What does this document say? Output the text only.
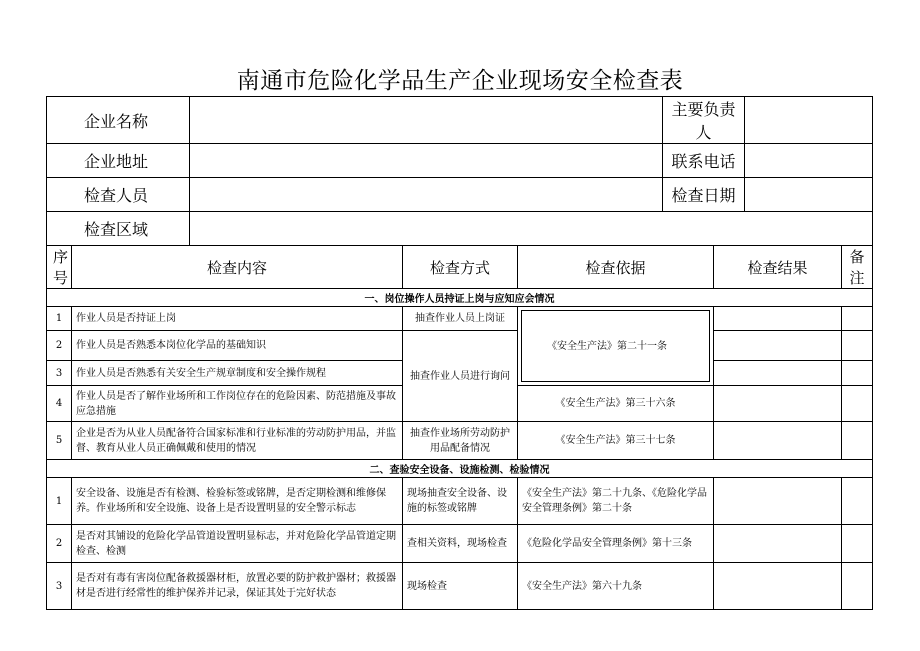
南通市危险化学品生产企业现场安全检查表
企业名称					主要负责人			
企业地址					联系电话			
检查人员					检查日期			
检查区域								
序号	检查内容		检查方式	检查依据		检查结果		备 注
一、岗位操作人员持证上岗与应知应会情况								
1	作业人员是否持证上岗		抽查作业人员上岗证	《安全生产法》第二十一条				

2	作业人员是否熟悉本岗位化学品的基础知识		抽查作业人员进行询问					
3	作业人员是否熟悉有关安全生产规章制度和安全操作规程							
4	作业人员是否了解作业场所和工作岗位存在的危险因素、防范措施及事故应急措施			《安全生产法》第三十六条				
5	企业是否为从业人员配备符合国家标准和行业标准的劳动防护用品，并监督、教育从业人员正确佩戴和使用的情况		抽查作业场所劳动防护用品配备情况	《安全生产法》第三十七条				
二、查验安全设备、设施检测、检验情况								
1	安全设备、设施是否有检测、检验标签或铭牌，是否定期检测和维修保养。作业场所和安全设施、设备上是否设置明显的安全警示标志		现场抽查安全设备、设施的标签或铭牌	《安全生产法》第二十九条、《危险化学品安全管理条例》第二十条				
2	是否对其铺设的危险化学品管道设置明显标志，并对危险化学品管道定期检查、检测		查相关资料，现场检查	《危险化学品安全管理条例》第十三条				
3	是否对有毒有害岗位配备救援器材柜，放置必要的防护救护器材；救援器材是否进行经常性的维护保养并记录，保证其处于完好状态		现场检查	《安全生产法》第六十九条				
